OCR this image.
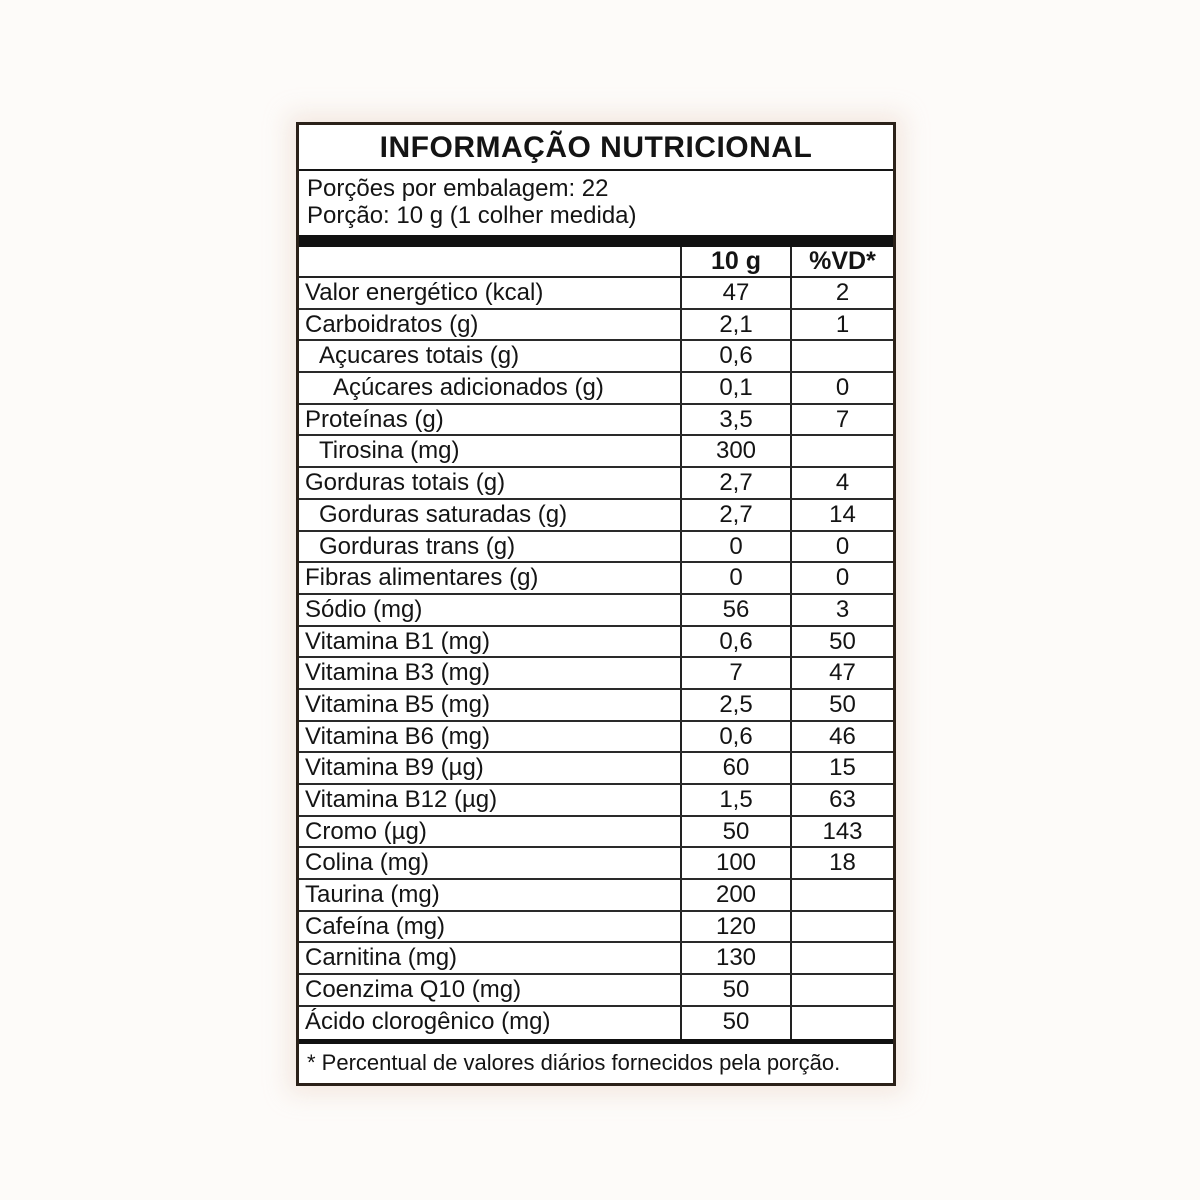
INFORMAÇÃO NUTRICIONAL
Porções por embalagem: 22
Porção: 10 g (1 colher medida)
10 g	%VD*
Valor energético (kcal)	47	2
Carboidratos (g)	2,1	1
Açucares totais (g)	0,6
Açúcares adicionados (g)	0,1	0
Proteínas (g)	3,5	7
Tirosina (mg)	300
Gorduras totais (g)	2,7	4
Gorduras saturadas (g)	2,7	14
Gorduras trans (g)	0	0
Fibras alimentares (g)	0	0
Sódio (mg)	56	3
Vitamina B1 (mg)	0,6	50
Vitamina B3 (mg)	7	47
Vitamina B5 (mg)	2,5	50
Vitamina B6 (mg)	0,6	46
Vitamina B9 (µg)	60	15
Vitamina B12 (µg)	1,5	63
Cromo (µg)	50	143
Colina (mg)	100	18
Taurina (mg)	200
Cafeína (mg)	120
Carnitina (mg)	130
Coenzima Q10 (mg)	50
Ácido clorogênico (mg)	50
* Percentual de valores diários fornecidos pela porção.
